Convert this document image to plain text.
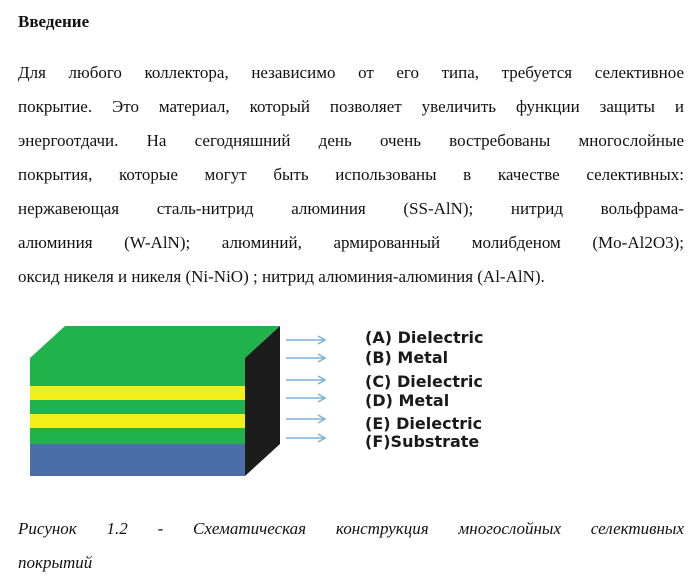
Введение
Для любого коллектора, независимо от его типа, требуется селективное
покрытие. Это материал, который позволяет увеличить функции защиты и
энергоотдачи. На сегодняшний день очень востребованы многослойные
покрытия, которые могут быть использованы в качестве селективных:
нержавеющая сталь-нитрид алюминия (SS-AlN); нитрид вольфрама-
алюминия (W-AlN); алюминий, армированный молибденом (Mo-Al2O3);
оксид никеля и никеля (Ni-NiO) ; нитрид алюминия-алюминия (Al-AlN).
(A) Dielectric
(B) Metal
(C) Dielectric
(D) Metal
(E) Dielectric
(F)Substrate
Рисунок 1.2 - Схематическая конструкция многослойных селективных
покрытий
